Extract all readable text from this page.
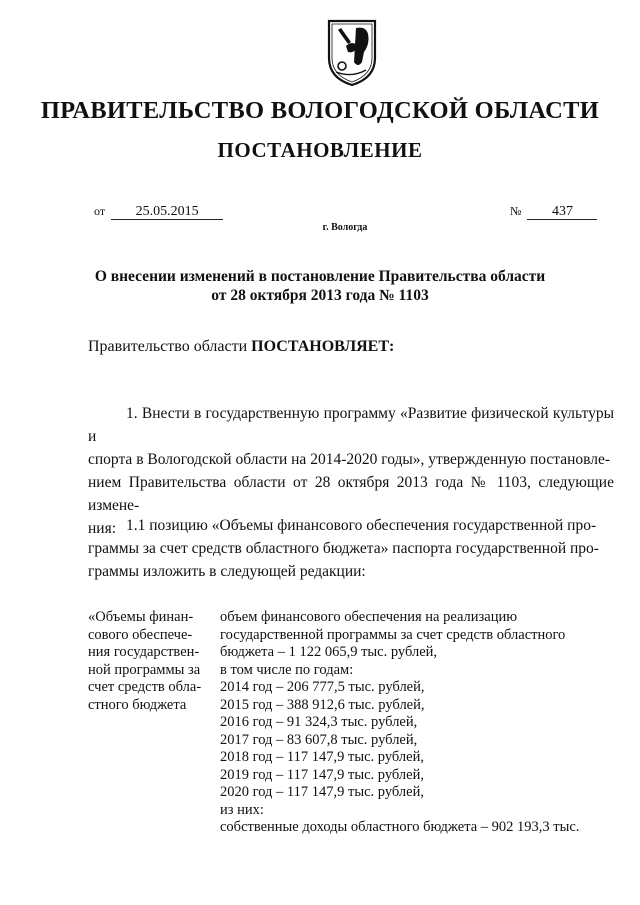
ПРАВИТЕЛЬСТВО ВОЛОГОДСКОЙ ОБЛАСТИ
ПОСТАНОВЛЕНИЕ
от 25.05.2015	№ 437
г. Вологда
О внесении изменений в постановление Правительства области
от 28 октября 2013 года № 1103
Правительство области ПОСТАНОВЛЯЕТ:
1. Внести в государственную программу «Развитие физической культуры и
спорта в Вологодской области на 2014-2020 годы», утвержденную постановле-
нием Правительства области от 28 октября 2013 года № 1103, следующие измене-
ния: 1.1 позицию «Объемы финансового обеспечения государственной про-
граммы за счет средств областного бюджета» паспорта государственной про-
граммы изложить в следующей редакции:
«Объемы финан-
сового обеспече-
ния государствен-
ной программы за
счет средств обла-
стного бюджета
объем финансового обеспечения на реализацию
государственной программы за счет средств областного
бюджета – 1 122 065,9 тыс. рублей,
в том числе по годам:
2014 год – 206 777,5 тыс. рублей,
2015 год – 388 912,6 тыс. рублей,
2016 год – 91 324,3 тыс. рублей,
2017 год – 83 607,8 тыс. рублей,
2018 год – 117 147,9 тыс. рублей,
2019 год – 117 147,9 тыс. рублей,
2020 год – 117 147,9 тыс. рублей,
из них:
собственные доходы областного бюджета – 902 193,3 тыс.
